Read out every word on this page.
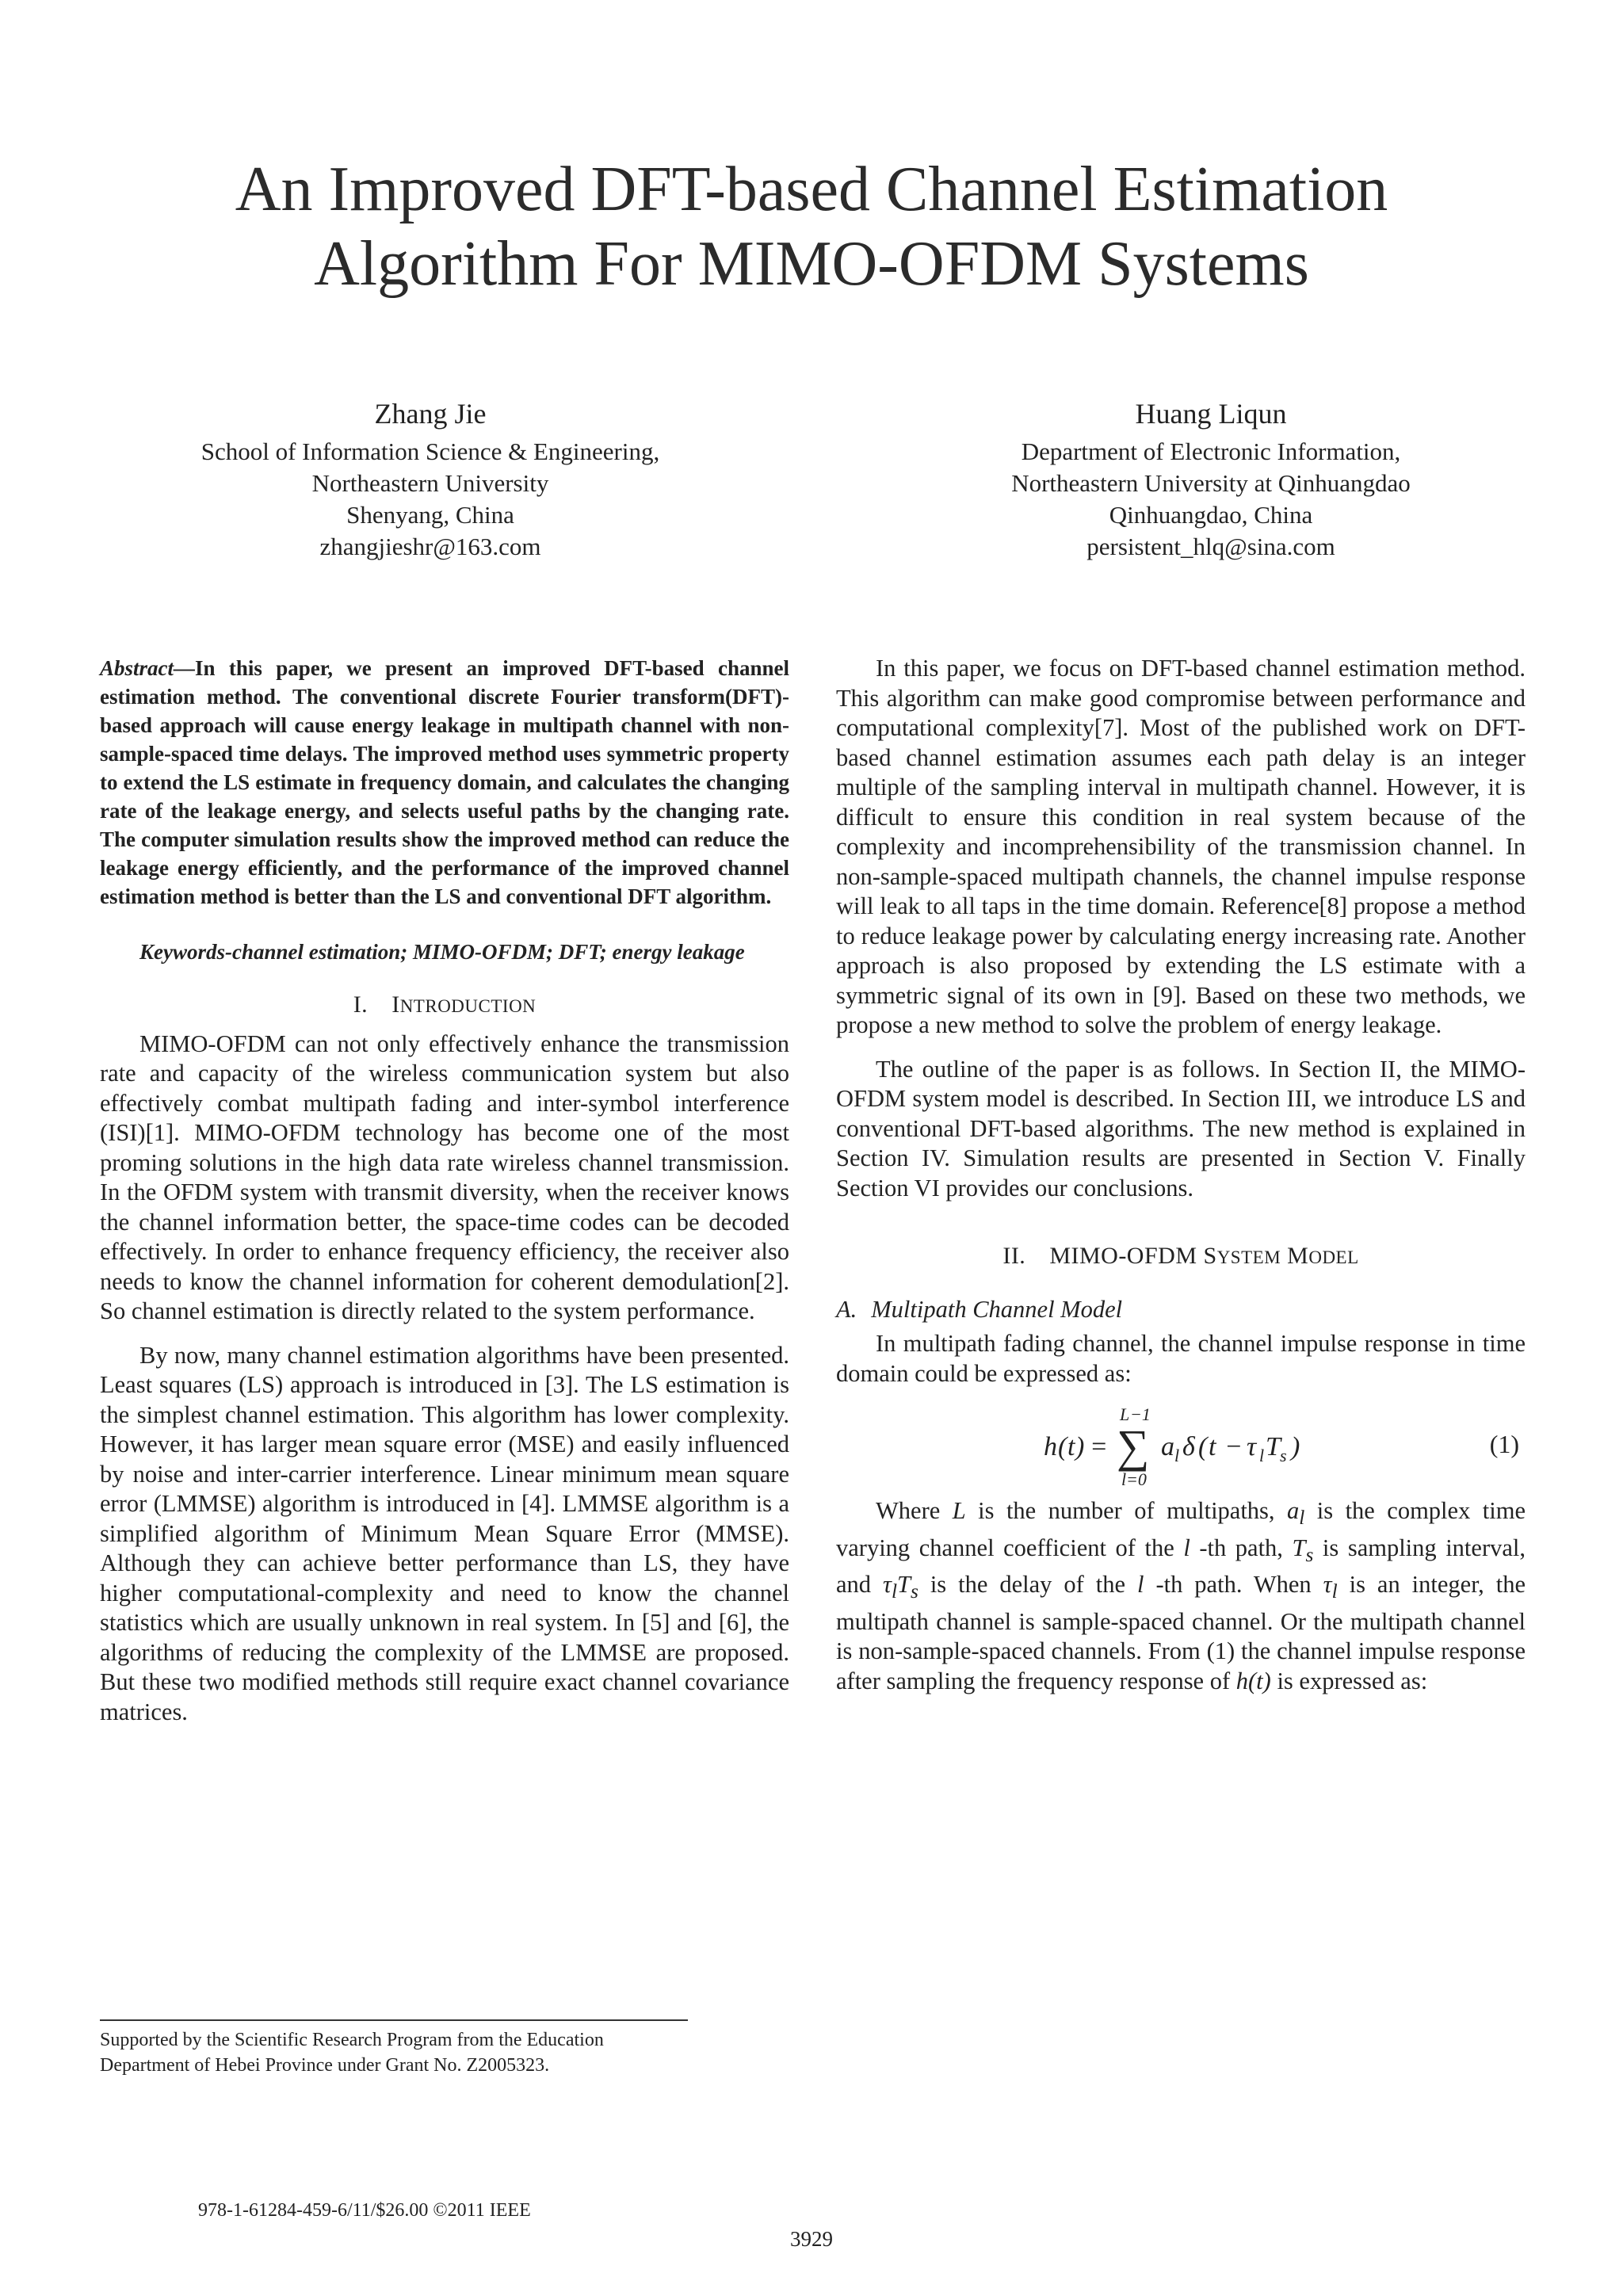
An Improved DFT-based Channel Estimation
Algorithm For MIMO-OFDM Systems
Zhang Jie
School of Information Science & Engineering,
Northeastern University
Shenyang, China
zhangjieshr@163.com
Huang Liqun
Department of Electronic Information,
Northeastern University at Qinhuangdao
Qinhuangdao, China
persistent_hlq@sina.com

Abstract—In this paper, we present an improved DFT-based channel estimation method. The conventional discrete Fourier transform(DFT)-based approach will cause energy leakage in multipath channel with non-sample-spaced time delays. The improved method uses symmetric property to extend the LS estimate in frequency domain, and calculates the changing rate of the leakage energy, and selects useful paths by the changing rate. The computer simulation results show the improved method can reduce the leakage energy efficiently, and the performance of the improved channel estimation method is better than the LS and conventional DFT algorithm.

Keywords-channel estimation; MIMO-OFDM; DFT; energy leakage

I. INTRODUCTION

MIMO-OFDM can not only effectively enhance the transmission rate and capacity of the wireless communication system but also effectively combat multipath fading and inter-symbol interference (ISI)[1]. MIMO-OFDM technology has become one of the most proming solutions in the high data rate wireless channel transmission. In the OFDM system with transmit diversity, when the receiver knows the channel information better, the space-time codes can be decoded effectively. In order to enhance frequency efficiency, the receiver also needs to know the channel information for coherent demodulation[2]. So channel estimation is directly related to the system performance.

By now, many channel estimation algorithms have been presented. Least squares (LS) approach is introduced in [3]. The LS estimation is the simplest channel estimation. This algorithm has lower complexity. However, it has larger mean square error (MSE) and easily influenced by noise and inter-carrier interference. Linear minimum mean square error (LMMSE) algorithm is introduced in [4]. LMMSE algorithm is a simplified algorithm of Minimum Mean Square Error (MMSE). Although they can achieve better performance than LS, they have higher computational-complexity and need to know the channel statistics which are usually unknown in real system. In [5] and [6], the algorithms of reducing the complexity of the LMMSE are proposed. But these two modified methods still require exact channel covariance matrices.

In this paper, we focus on DFT-based channel estimation method. This algorithm can make good compromise between performance and computational complexity[7]. Most of the published work on DFT-based channel estimation assumes each path delay is an integer multiple of the sampling interval in multipath channel. However, it is difficult to ensure this condition in real system because of the complexity and incomprehensibility of the transmission channel. In non-sample-spaced multipath channels, the channel impulse response will leak to all taps in the time domain. Reference[8] propose a method to reduce leakage power by calculating energy increasing rate. Another approach is also proposed by extending the LS estimate with a symmetric signal of its own in [9]. Based on these two methods, we propose a new method to solve the problem of energy leakage.

The outline of the paper is as follows. In Section II, the MIMO-OFDM system model is described. In Section III, we introduce LS and conventional DFT-based algorithms. The new method is explained in Section IV. Simulation results are presented in Section V. Finally Section VI provides our conclusions.

II. MIMO-OFDM SYSTEM MODEL
A. Multipath Channel Model

In multipath fading channel, the channel impulse response in time domain could be expressed as:

h ( t ) = ∑
L −1
l =0
a l δ ( t − τ l T s )	(1)

Where L is the number of multipaths, $a_l$ is the complex time varying channel coefficient of the l -th path, $T_s$ is sampling interval, and $\tau_lT_s$ is the delay of the l -th path. When $\tau_l$ is an integer, the multipath channel is sample-spaced channel. Or the multipath channel is non-sample-spaced channels. From (1) the channel impulse response after sampling the frequency response of h(t) is expressed as:

Supported by the Scientific Research Program from the Education
Department of Hebei Province under Grant No. Z2005323.
978-1-61284-459-6/11/$26.00 ©2011 IEEE
3929
